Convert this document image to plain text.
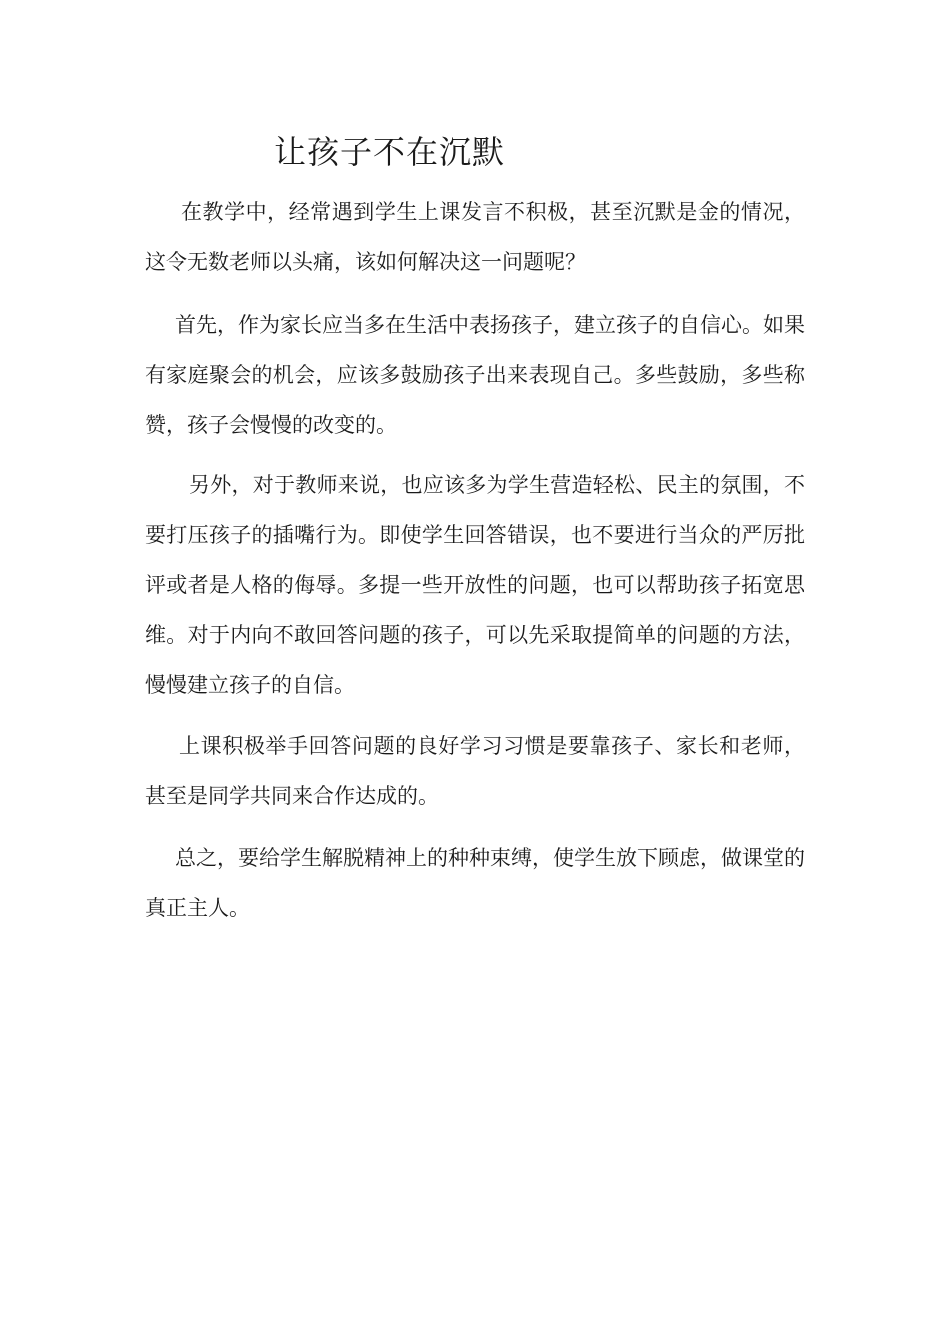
让孩子不在沉默

在教学中，经常遇到学生上课发言不积极，甚至沉默是金的情况，这令无数老师以头痛，该如何解决这一问题呢？

首先，作为家长应当多在生活中表扬孩子，建立孩子的自信心。如果有家庭聚会的机会，应该多鼓励孩子出来表现自己。多些鼓励，多些称赞，孩子会慢慢的改变的。

另外，对于教师来说，也应该多为学生营造轻松、民主的氛围，不要打压孩子的插嘴行为。即使学生回答错误，也不要进行当众的严厉批评或者是人格的侮辱。多提一些开放性的问题，也可以帮助孩子拓宽思维。对于内向不敢回答问题的孩子，可以先采取提简单的问题的方法，慢慢建立孩子的自信。

上课积极举手回答问题的良好学习习惯是要靠孩子、家长和老师，甚至是同学共同来合作达成的。

总之，要给学生解脱精神上的种种束缚，使学生放下顾虑，做课堂的真正主人。
